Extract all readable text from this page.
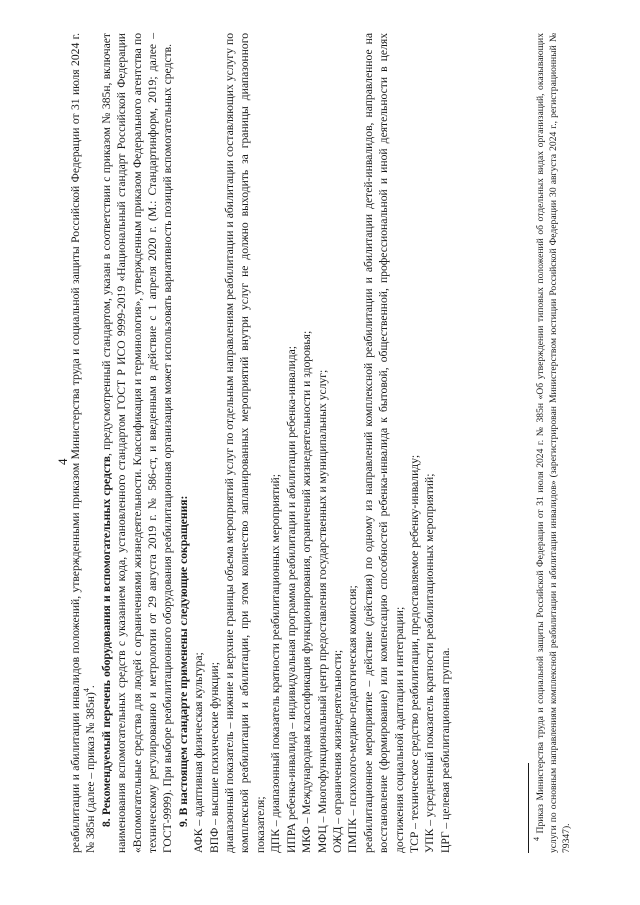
4 реабилитации и абилитации инвалидов положений, утвержденными приказом Министерства труда и социальной защиты Российской Федерации от 31 июля 2024 г. № 385н (далее – приказ № 385н)$^4$. 8. Рекомендуемый перечень оборудования и вспомогательных средств, предусмотренный стандартом, указан в соответствии с приказом № 385н, включает наименования вспомогательных средств с указанием кода, установленного стандартом ГОСТ Р ИСО 9999-2019 «Национальный стандарт Российской Федерации «Вспомогательные средства для людей с ограничениями жизнедеятельности. Классификация и терминология», утвержденным приказом Федерального агентства по техническому регулированию и метрологии от 29 августа 2019 г. № 586-ст, и введенным в действие с 1 апреля 2020 г. (М.: Стандартинформ, 2019; далее – ГОСТ-9999). При выборе реабилитационного оборудования реабилитационная организация может использовать вариативность позиций вспомогательных средств. 9. В настоящем стандарте применены следующие сокращения:

АФК – адаптивная физическая культура; ВПФ – высшие психические функции; диапазонный показатель – нижние и верхние границы объема мероприятий услуг по отдельным направлениям реабилитации и абилитации составляющих услугу по комплексной реабилитации и абилитации, при этом количество запланированных мероприятий внутри услуг не должно выходить за границы диапазонного показателя; ДПК – диапазонный показатель кратности реабилитационных мероприятий; ИПРА ребенка-инвалида – индивидуальная программа реабилитации и абилитации ребенка-инвалида; МКФ – Международная классификация функционирования, ограничений жизнедеятельности и здоровья; МФЦ – Многофункциональный центр предоставления государственных и муниципальных услуг; ОЖД – ограничения жизнедеятельности; ПМПК – психолого-медико-педагогическая комиссия; реабилитационное мероприятие – действие (действия) по одному из направлений комплексной реабилитации и абилитации детей-инвалидов, направленное на восстановление (формирование) или компенсацию способностей ребенка-инвалида к бытовой, общественной, профессиональной и иной деятельности в целях достижения социальной адаптации и интеграции; ТСР – техническое средство реабилитации, предоставляемое ребенку-инвалиду; УПК – усредненный показатель кратности реабилитационных мероприятий; ЦРГ – целевая реабилитационная группа.	$^4$ Приказ Министерства труда и социальной защиты Российской Федерации от 31 июля 2024 г. № 385н «Об утверждении типовых положений об отдельных видах организаций, оказывающих услуги по основным направлениям комплексной реабилитации и абилитации инвалидов» (зарегистрирован Министерством юстиции Российской Федерации 30 августа 2024 г., регистрационный № 79347).
